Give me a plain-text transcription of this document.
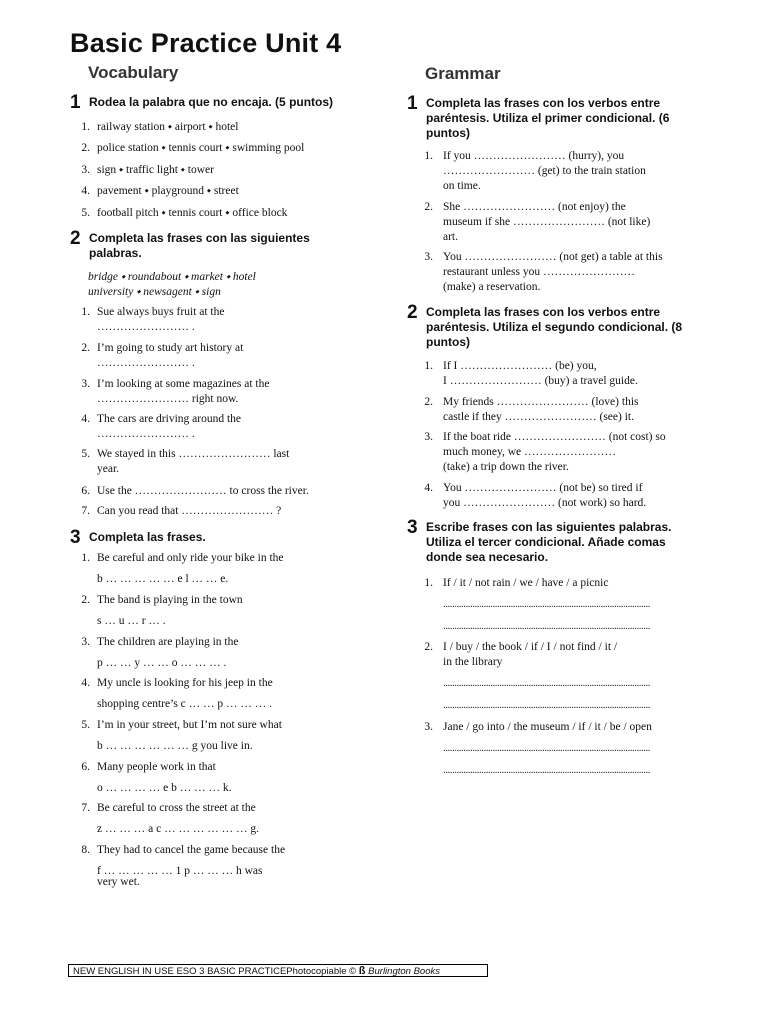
Basic Practice Unit 4
Vocabulary
1 Rodea la palabra que no encaja. (5 puntos)
1. railway station ⬩ airport ⬩ hotel
2. police station ⬩ tennis court ⬩ swimming pool
3. sign ⬩ traffic light ⬩ tower
4. pavement ⬩ playground ⬩ street
5. football pitch ⬩ tennis court ⬩ office block
2 Completa las frases con las siguientes palabras.
bridge ⬩ roundabout ⬩ market ⬩ hotel
university ⬩ newsagent ⬩ sign
1. Sue always buys fruit at the
…………………… .
2. I’m going to study art history at
…………………… .
3. I’m looking at some magazines at the
…………………… right now.
4. The cars are driving around the
…………………… .
5. We stayed in this …………………… last
year.
6. Use the …………………… to cross the river.
7. Can you read that …………………… ?
3 Completa las frases.
1. Be careful and only ride your bike in the

b … … … … … e l … … e.
2. The band is playing in the town

s … u … r … .
3. The children are playing in the

p … … y … … o … … … .
4. My uncle is looking for his jeep in the

shopping centre’s c … … p … … … .
5. I’m in your street, but I’m not sure what

b … … … … … … g you live in.
6. Many people work in that

o … … … … e b … … … k.
7. Be careful to cross the street at the

z … … … a c … … … … … … g.
8. They had to cancel the game because the

f … … … … … 1 p … … … h was
very wet.
Grammar
1 Completa las frases con los verbos entre paréntesis. Utiliza el primer condicional. (6 puntos)
1. If you …………………… (hurry), you
…………………… (get) to the train station
on time.
2. She …………………… (not enjoy) the
museum if she …………………… (not like)
art.
3. You …………………… (not get) a table at this
restaurant unless you ……………………
(make) a reservation.
2 Completa las frases con los verbos entre paréntesis. Utiliza el segundo condicional. (8 puntos)
1. If I …………………… (be) you,
I …………………… (buy) a travel guide.
2. My friends …………………… (love) this
castle if they …………………… (see) it.
3. If the boat ride …………………… (not cost) so
much money, we ……………………
(take) a trip down the river.
4. You …………………… (not be) so tired if
you …………………… (not work) so hard.
3 Escribe frases con las siguientes palabras. Utiliza el tercer condicional. Añade comas donde sea necesario.
1. If / it / not rain / we / have / a picnic
............................................................................................
............................................................................................
2. I / buy / the book / if / I / not find / it /
in the library
............................................................................................
............................................................................................
3. Jane / go into / the museum / if / it / be / open
............................................................................................
............................................................................................
NEW ENGLISH IN USE ESO 3 BASIC PRACTICEPhotocopiable © ß Burlington Books
